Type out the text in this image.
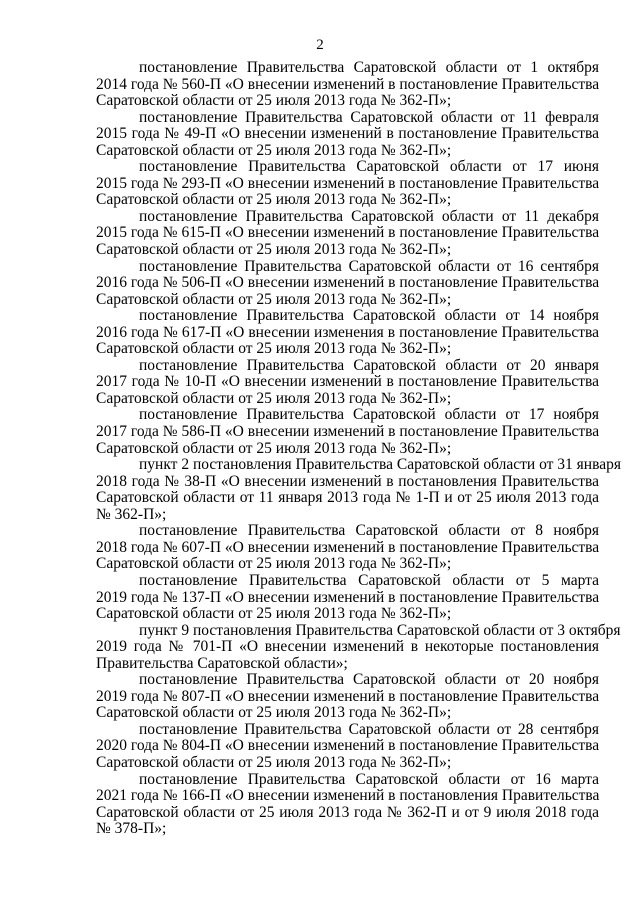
2
постановление Правительства Саратовской области от 1 октября
2014 года № 560-П «О внесении изменений в постановление Правительства
Саратовской области от 25 июля 2013 года № 362-П»;
постановление Правительства Саратовской области от 11 февраля
2015 года № 49-П «О внесении изменений в постановление Правительства
Саратовской области от 25 июля 2013 года № 362-П»;
постановление Правительства Саратовской области от 17 июня
2015 года № 293-П «О внесении изменений в постановление Правительства
Саратовской области от 25 июля 2013 года № 362-П»;
постановление Правительства Саратовской области от 11 декабря
2015 года № 615-П «О внесении изменений в постановление Правительства
Саратовской области от 25 июля 2013 года № 362-П»;
постановление Правительства Саратовской области от 16 сентября
2016 года № 506-П «О внесении изменений в постановление Правительства
Саратовской области от 25 июля 2013 года № 362-П»;
постановление Правительства Саратовской области от 14 ноября
2016 года № 617-П «О внесении изменения в постановление Правительства
Саратовской области от 25 июля 2013 года № 362-П»;
постановление Правительства Саратовской области от 20 января
2017 года № 10-П «О внесении изменений в постановление Правительства
Саратовской области от 25 июля 2013 года № 362-П»;
постановление Правительства Саратовской области от 17 ноября
2017 года № 586-П «О внесении изменений в постановление Правительства
Саратовской области от 25 июля 2013 года № 362-П»;
пункт 2 постановления Правительства Саратовской области от 31 января
2018 года № 38-П «О внесении изменений в постановления Правительства
Саратовской области от 11 января 2013 года № 1-П и от 25 июля 2013 года
№ 362-П»;
постановление Правительства Саратовской области от 8 ноября
2018 года № 607-П «О внесении изменений в постановление Правительства
Саратовской области от 25 июля 2013 года № 362-П»;
постановление Правительства Саратовской области от 5 марта
2019 года № 137-П «О внесении изменений в постановление Правительства
Саратовской области от 25 июля 2013 года № 362-П»;
пункт 9 постановления Правительства Саратовской области от 3 октября
2019 года № 701-П «О внесении изменений в некоторые постановления
Правительства Саратовской области»;
постановление Правительства Саратовской области от 20 ноября
2019 года № 807-П «О внесении изменений в постановление Правительства
Саратовской области от 25 июля 2013 года № 362-П»;
постановление Правительства Саратовской области от 28 сентября
2020 года № 804-П «О внесении изменений в постановление Правительства
Саратовской области от 25 июля 2013 года № 362-П»;
постановление Правительства Саратовской области от 16 марта
2021 года № 166-П «О внесении изменений в постановления Правительства
Саратовской области от 25 июля 2013 года № 362-П и от 9 июля 2018 года
№ 378-П»;
